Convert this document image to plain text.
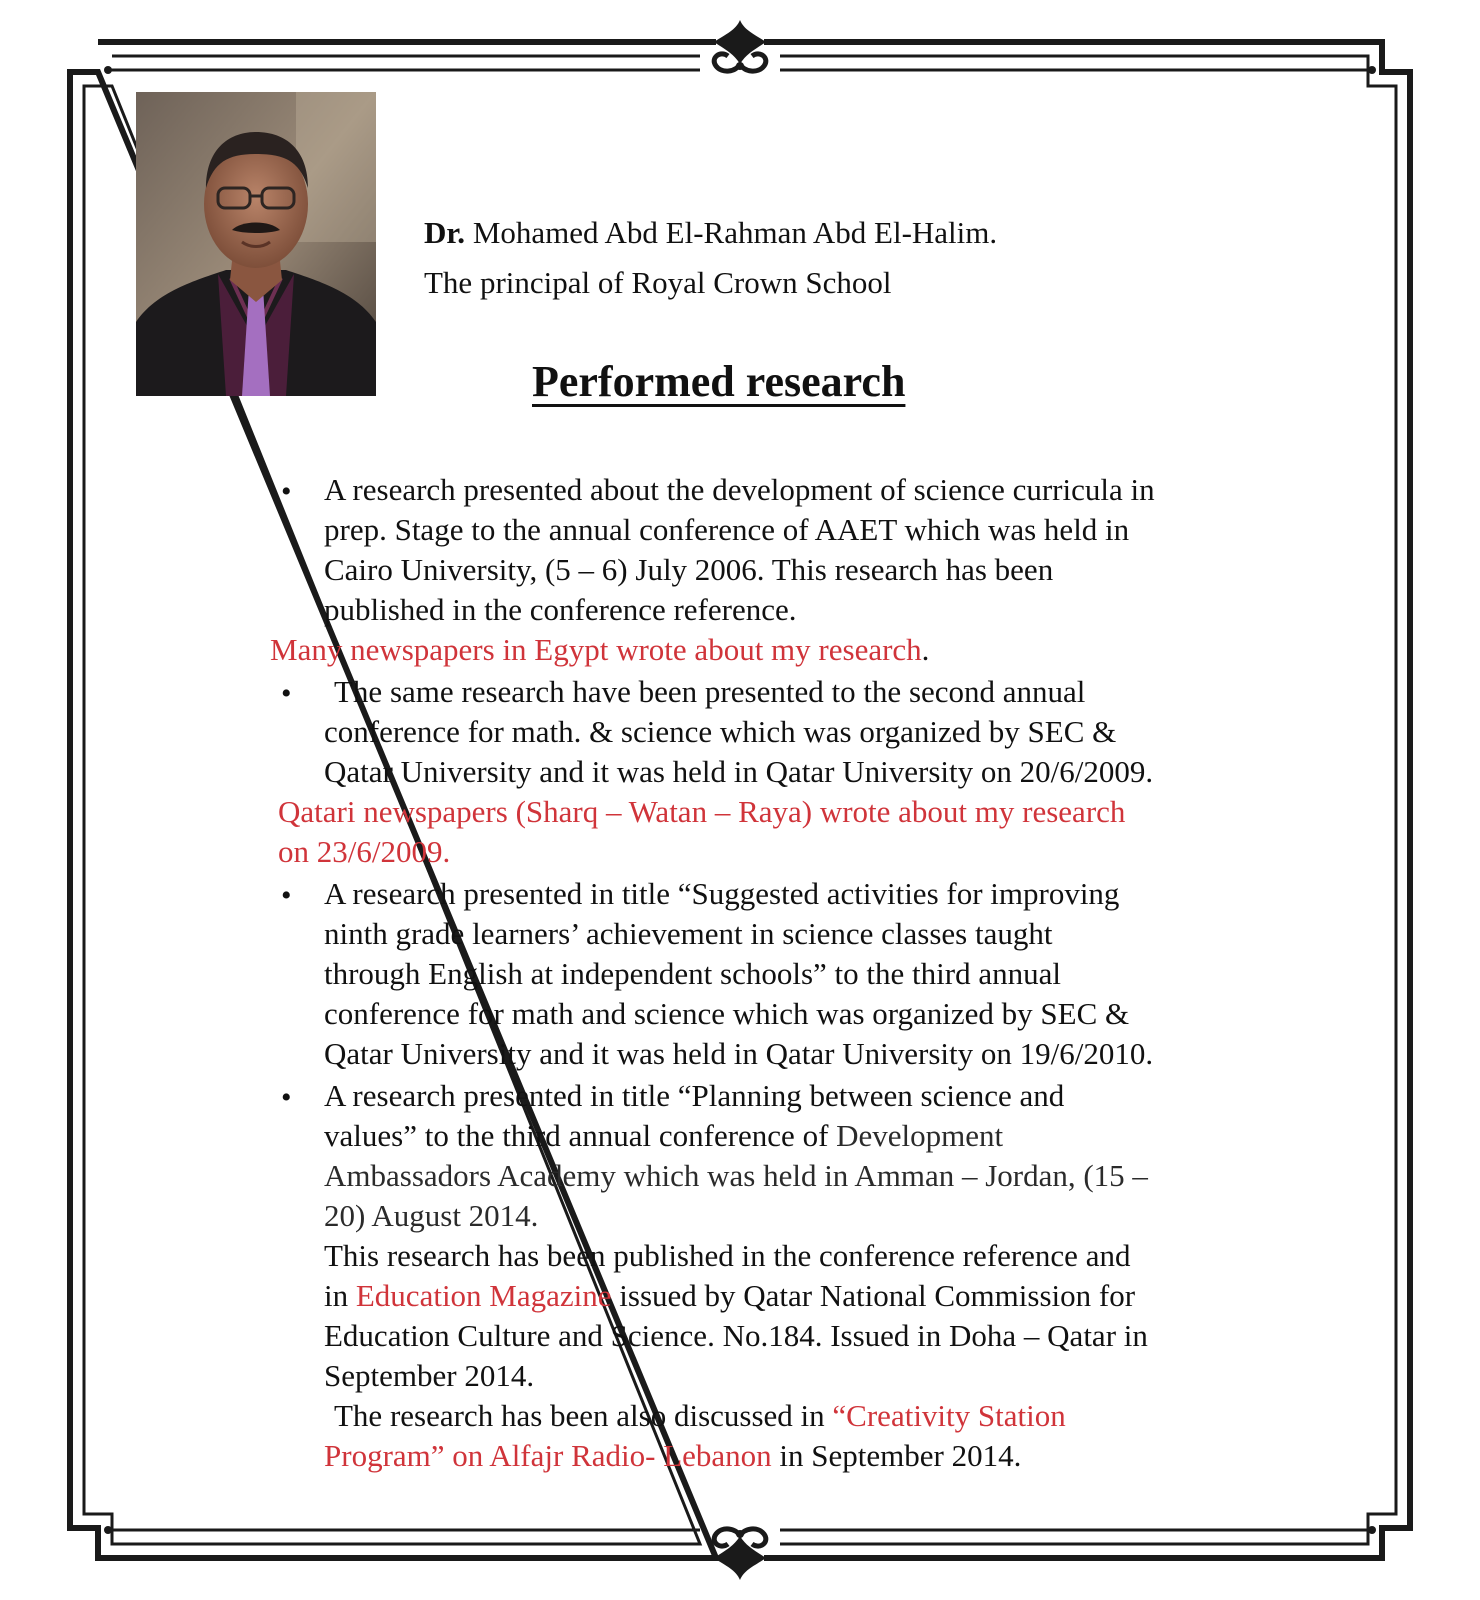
Dr. Mohamed Abd El-Rahman Abd El-Halim.
The principal of Royal Crown School
Performed research
• A research presented about the development of science curricula in
prep. Stage to the annual conference of AAET which was held in
Cairo University, (5 – 6) July 2006. This research has been
published in the conference reference.
Many newspapers in Egypt wrote about my research.
• The same research have been presented to the second annual
conference for math. & science which was organized by SEC &
Qatar University and it was held in Qatar University on 20/6/2009.
Qatari newspapers (Sharq – Watan – Raya) wrote about my research
on 23/6/2009.
• A research presented in title “Suggested activities for improving
ninth grade learners’ achievement in science classes taught
through English at independent schools” to the third annual
conference for math and science which was organized by SEC &
Qatar University and it was held in Qatar University on 19/6/2010.
• A research presented in title “Planning between science and
values” to the third annual conference of Development
Ambassadors Academy which was held in Amman – Jordan, (15 –
20) August 2014.
This research has been published in the conference reference and
in Education Magazine issued by Qatar National Commission for
Education Culture and Science. No.184. Issued in Doha – Qatar in
September 2014.
The research has been also discussed in “Creativity Station
Program” on Alfajr Radio- Lebanon in September 2014.
